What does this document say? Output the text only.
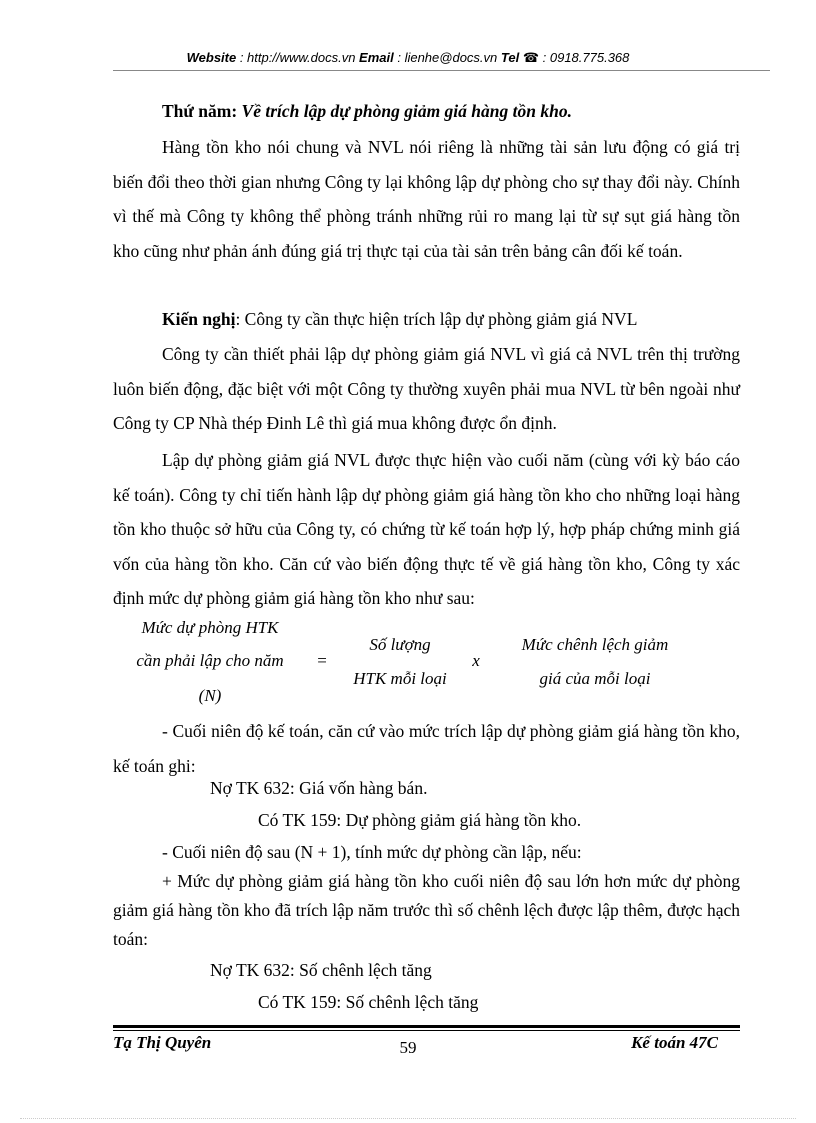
Website : http://www.docs.vn Email : lienhe@docs.vn Tel ☎ : 0918.775.368
Thứ năm: Về trích lập dự phòng giảm giá hàng tồn kho.
Hàng tồn kho nói chung và NVL nói riêng là những tài sản lưu động có giá trị biến đổi theo thời gian nhưng Công ty lại không lập dự phòng cho sự thay đổi này. Chính vì thế mà Công ty không thể phòng tránh những rủi ro mang lại từ sự sụt giá hàng tồn kho cũng như phản ánh đúng giá trị thực tại của tài sản trên bảng cân đối kế toán.
Kiến nghị: Công ty cần thực hiện trích lập dự phòng giảm giá NVL
Công ty cần thiết phải lập dự phòng giảm giá NVL vì giá cả NVL trên thị trường luôn biến động, đặc biệt với một Công ty thường xuyên phải mua NVL từ bên ngoài như Công ty CP Nhà thép Đinh Lê thì giá mua không được ổn định.
Lập dự phòng giảm giá NVL được thực hiện vào cuối năm (cùng với kỳ báo cáo kế toán). Công ty chỉ tiến hành lập dự phòng giảm giá hàng tồn kho cho những loại hàng tồn kho thuộc sở hữu của Công ty, có chứng từ kế toán hợp lý, hợp pháp chứng minh giá vốn của hàng tồn kho. Căn cứ vào biến động thực tế về giá hàng tồn kho, Công ty xác định mức dự phòng giảm giá hàng tồn kho như sau:
Mức dự phòng HTK
cần phải lập cho năm
(N)
=
Số lượng
HTK mỗi loại
x
Mức chênh lệch giảm
giá của mỗi loại
- Cuối niên độ kế toán, căn cứ vào mức trích lập dự phòng giảm giá hàng tồn kho, kế toán ghi:
Nợ TK 632: Giá vốn hàng bán.
Có TK 159: Dự phòng giảm giá hàng tồn kho.
- Cuối niên độ sau (N + 1), tính mức dự phòng cần lập, nếu:
+ Mức dự phòng giảm giá hàng tồn kho cuối niên độ sau lớn hơn mức dự phòng giảm giá hàng tồn kho đã trích lập năm trước thì số chênh lệch được lập thêm, được hạch toán:
Nợ TK 632: Số chênh lệch tăng
Có TK 159: Số chênh lệch tăng
Tạ Thị Quyên	59	Kế toán 47C
